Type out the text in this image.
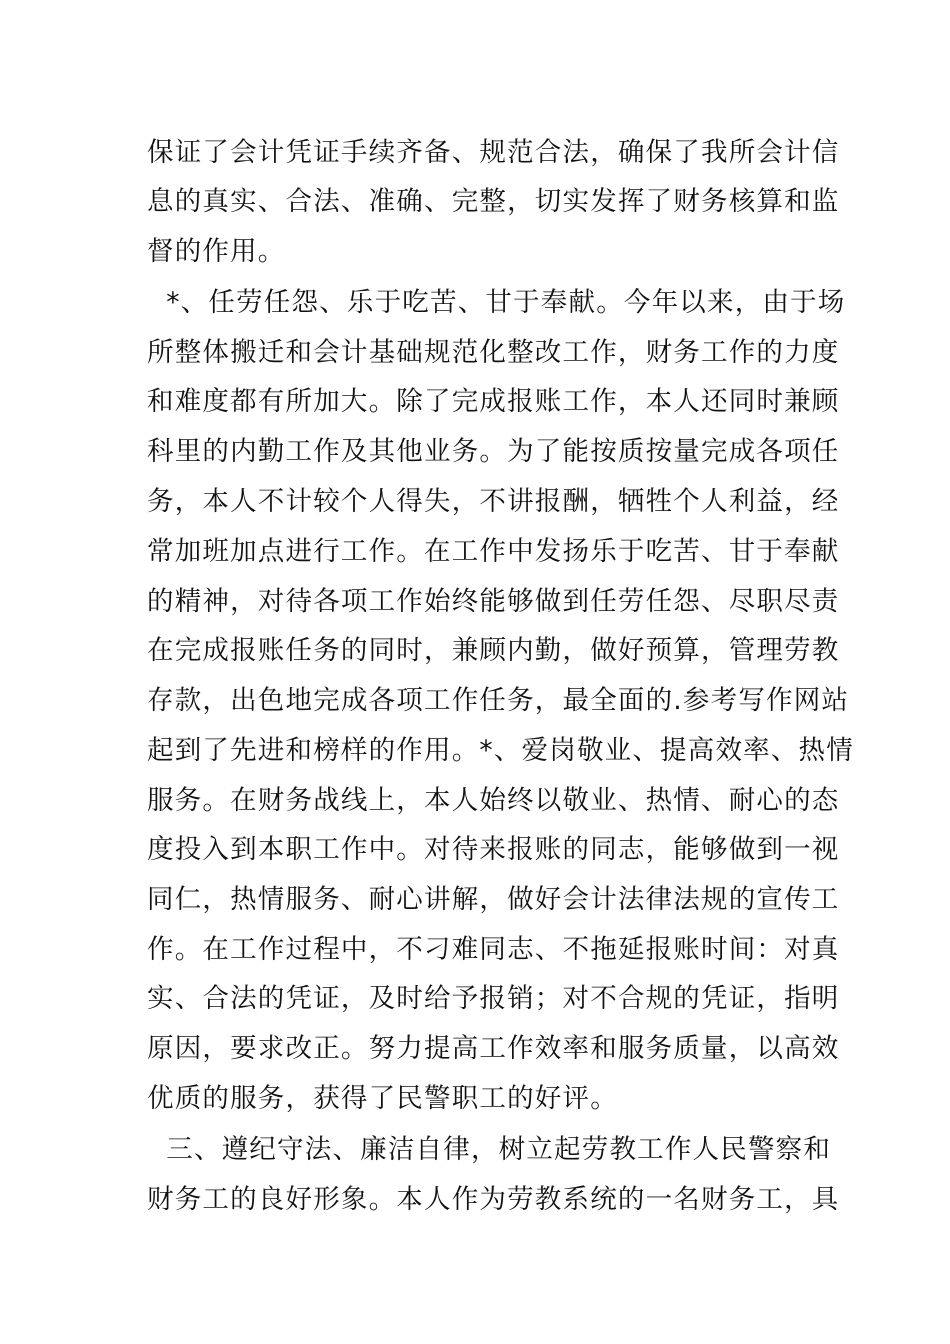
保证了会计凭证手续齐备、规范合法，确保了我所会计信
息的真实、合法、准确、完整，切实发挥了财务核算和监
督的作用。
*、任劳任怨、乐于吃苦、甘于奉献。今年以来，由于场
所整体搬迁和会计基础规范化整改工作，财务工作的力度
和难度都有所加大。除了完成报账工作，本人还同时兼顾
科里的内勤工作及其他业务。为了能按质按量完成各项任
务，本人不计较个人得失，不讲报酬，牺牲个人利益，经
常加班加点进行工作。在工作中发扬乐于吃苦、甘于奉献
的精神，对待各项工作始终能够做到任劳任怨、尽职尽责
在完成报账任务的同时，兼顾内勤，做好预算，管理劳教
存款，出色地完成各项工作任务，最全面的.参考写作网站
起到了先进和榜样的作用。*、爱岗敬业、提高效率、热情
服务。在财务战线上，本人始终以敬业、热情、耐心的态
度投入到本职工作中。对待来报账的同志，能够做到一视
同仁，热情服务、耐心讲解，做好会计法律法规的宣传工
作。在工作过程中，不刁难同志、不拖延报账时间：对真
实、合法的凭证，及时给予报销；对不合规的凭证，指明
原因，要求改正。努力提高工作效率和服务质量，以高效
优质的服务，获得了民警职工的好评。
三、遵纪守法、廉洁自律，树立起劳教工作人民警察和
财务工的良好形象。本人作为劳教系统的一名财务工，具
